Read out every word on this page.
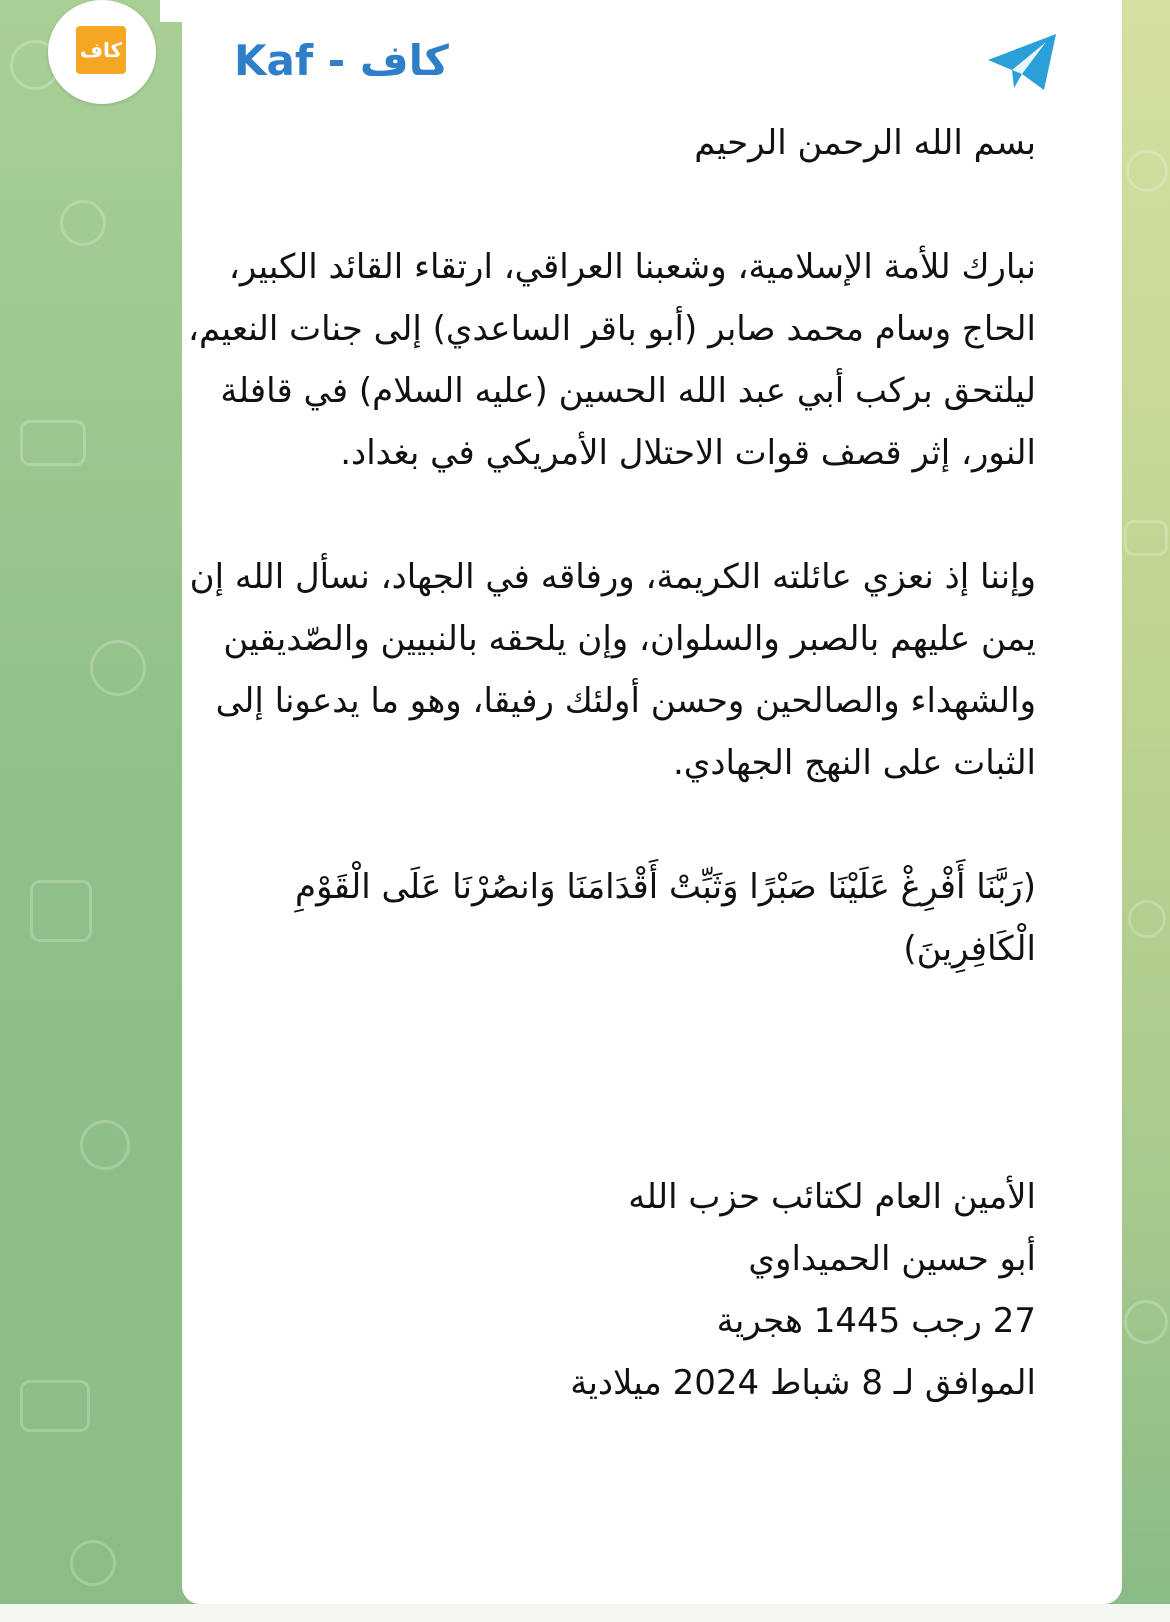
كاف	Kaf - كاف

بسم الله الرحمن الرحيم

نبارك للأمة الإسلامية، وشعبنا العراقي، ارتقاء القائد الكبير، الحاج وسام محمد صابر (أبو باقر الساعدي) إلى جنات النعيم، ليلتحق بركب أبي عبد الله الحسين (عليه السلام) في قافلة النور، إثر قصف قوات الاحتلال الأمريكي في بغداد.

وإننا إذ نعزي عائلته الكريمة، ورفاقه في الجهاد، نسأل الله إن يمن عليهم بالصبر والسلوان، وإن يلحقه بالنبيين والصّديقين والشهداء والصالحين وحسن أولئك رفيقا، وهو ما يدعونا إلى الثبات على النهج الجهادي.

(رَبَّنَا أَفْرِغْ عَلَيْنَا صَبْرًا وَثَبِّتْ أَقْدَامَنَا وَانصُرْنَا عَلَى الْقَوْمِ الْكَافِرِينَ)

الأمين العام لكتائب حزب الله

أبو حسين الحميداوي

27 رجب 1445 هجرية

الموافق لـ 8 شباط 2024 ميلادية
